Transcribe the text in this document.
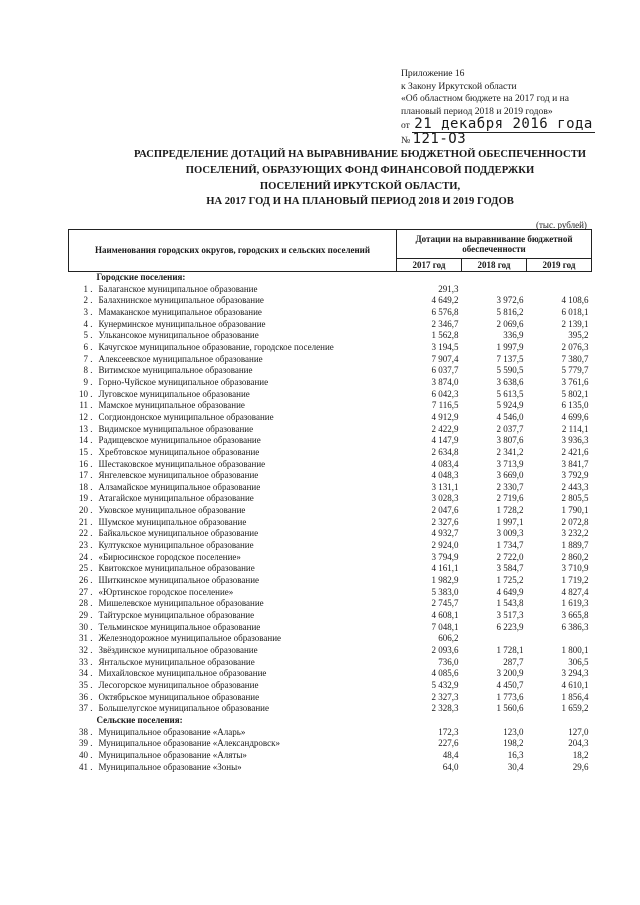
Приложение 16
к Закону Иркутской области
«Об областном бюджете на 2017 год и на
плановый период 2018 и 2019 годов»
от 21 декабря 2016 года
№ 121-ОЗ
РАСПРЕДЕЛЕНИЕ ДОТАЦИЙ НА ВЫРАВНИВАНИЕ БЮДЖЕТНОЙ ОБЕСПЕЧЕННОСТИ
ПОСЕЛЕНИЙ, ОБРАЗУЮЩИХ ФОНД ФИНАНСОВОЙ ПОДДЕРЖКИ
ПОСЕЛЕНИЙ ИРКУТСКОЙ ОБЛАСТИ,
НА 2017 ГОД И НА ПЛАНОВЫЙ ПЕРИОД 2018 И 2019 ГОДОВ
(тыс. рублей)
Наименования городских округов, городских и сельских поселений		Дотации на выравнивание бюджетной обеспеченности		
		2017 год	2018 год	2019 год
Городские поселения:				
1 .	Балаганское муниципальное образование	291,3		
2 .	Балахнинское муниципальное образование	4 649,2	3 972,6	4 108,6
3 .	Мамаканское муниципальное образование	6 576,8	5 816,2	6 018,1
4 .	Кунерминское муниципальное образование	2 346,7	2 069,6	2 139,1
5 .	Улькансокое муниципальное образование	1 562,8	336,9	395,2
6 .	Качугское муниципальное образование, городское поселение	3 194,5	1 997,9	2 076,3
7 .	Алексеевское муниципальное образование	7 907,4	7 137,5	7 380,7
8 .	Витимское муниципальное образование	6 037,7	5 590,5	5 779,7
9 .	Горно-Чуйское муниципальное образование	3 874,0	3 638,6	3 761,6
10 .	Луговское муниципальное образование	6 042,3	5 613,5	5 802,1
11 .	Мамское муниципальное образование	7 116,5	5 924,9	6 135,0
12 .	Согдиондонское муниципальное образование	4 912,9	4 546,0	4 699,6
13 .	Видимское муниципальное образование	2 422,9	2 037,7	2 114,1
14 .	Радищевское муниципальное образование	4 147,9	3 807,6	3 936,3
15 .	Хребтовское муниципальное образование	2 634,8	2 341,2	2 421,6
16 .	Шестаковское муниципальное образование	4 083,4	3 713,9	3 841,7
17 .	Янгелевское муниципальное образование	4 048,3	3 669,0	3 792,9
18 .	Алзамайское муниципальное образование	3 131,1	2 330,7	2 443,3
19 .	Атагайское муниципальное образование	3 028,3	2 719,6	2 805,5
20 .	Уковское муниципальное образование	2 047,6	1 728,2	1 790,1
21 .	Шумское муниципальное образование	2 327,6	1 997,1	2 072,8
22 .	Байкальское муниципальное образование	4 932,7	3 009,3	3 232,2
23 .	Култукское муниципальное образование	2 924,0	1 734,7	1 889,7
24 .	«Бирюсинское городское поселение»	3 794,9	2 722,0	2 860,2
25 .	Квитокское муниципальное образование	4 161,1	3 584,7	3 710,9
26 .	Шиткинское муниципальное образование	1 982,9	1 725,2	1 719,2
27 .	«Юртинское городское поселение»	5 383,0	4 649,9	4 827,4
28 .	Мишелевское муниципальное образование	2 745,7	1 543,8	1 619,3
29 .	Тайтурское муниципальное образование	4 608,1	3 517,3	3 665,8
30 .	Тельминское муниципальное образование	7 048,1	6 223,9	6 386,3
31 .	Железнодорожное муниципальное образование	606,2		
32 .	Звёздинское муниципальное образование	2 093,6	1 728,1	1 800,1
33 .	Янтальское муниципальное образование	736,0	287,7	306,5
34 .	Михайловское муниципальное образование	4 085,6	3 200,9	3 294,3
35 .	Лесогорское муниципальное образование	5 432,9	4 450,7	4 610,1
36 .	Октябрьское муниципальное образование	2 327,3	1 773,6	1 856,4
37 .	Большелугское муниципальное образование	2 328,3	1 560,6	1 659,2
Сельские поселения:				
38 .	Муниципальное образование «Аларь»	172,3	123,0	127,0
39 .	Муниципальное образование «Александровск»	227,6	198,2	204,3
40 .	Муниципальное образование «Аляты»	48,4	16,3	18,2
41 .	Муниципальное образование «Зоны»	64,0	30,4	29,6
